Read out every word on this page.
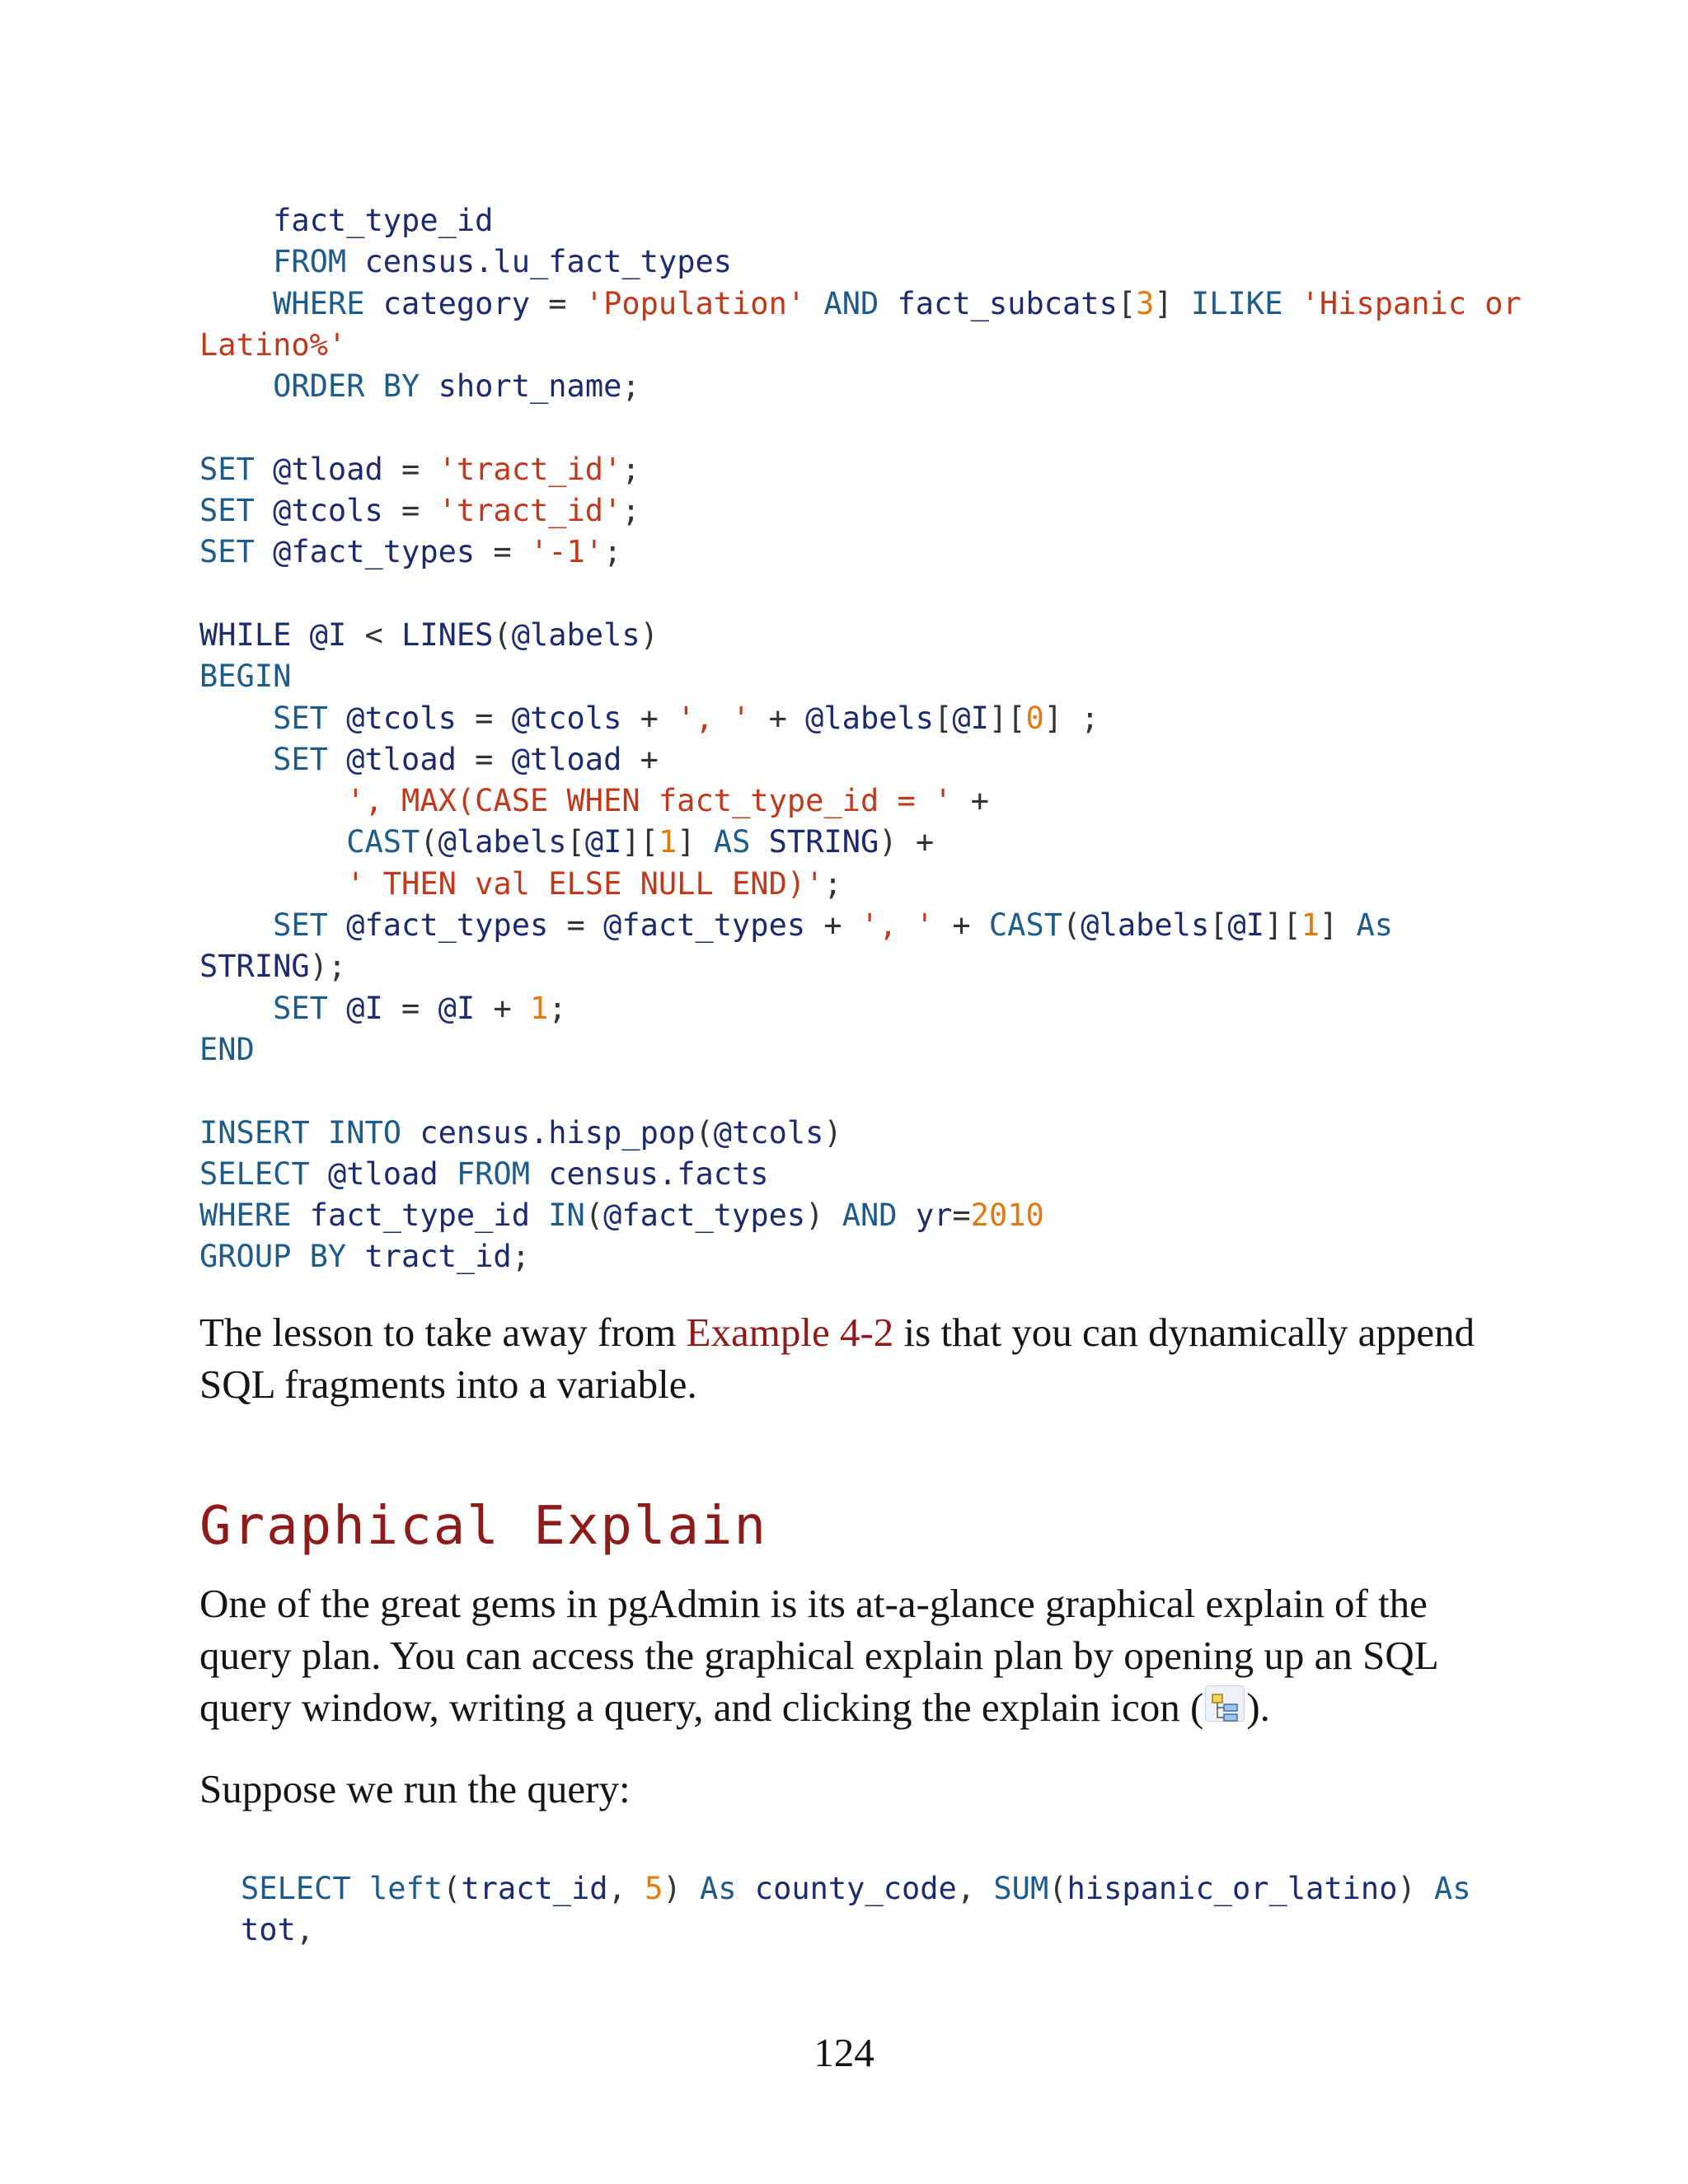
fact_type_id
FROM census.lu_fact_types
WHERE category = 'Population' AND fact_subcats[3] ILIKE 'Hispanic or
Latino%'
ORDER BY short_name;
SET @tload = 'tract_id';
SET @tcols = 'tract_id';
SET @fact_types = '-1';
WHILE @I < LINES(@labels)
BEGIN
SET @tcols = @tcols + ', ' + @labels[@I][0] ;
SET @tload = @tload +
', MAX(CASE WHEN fact_type_id = ' +
CAST(@labels[@I][1] AS STRING) +
' THEN val ELSE NULL END)';
SET @fact_types = @fact_types + ', ' + CAST(@labels[@I][1] As
STRING);
SET @I = @I + 1;
END
INSERT INTO census.hisp_pop(@tcols)
SELECT @tload FROM census.facts
WHERE fact_type_id IN(@fact_types) AND yr=2010
GROUP BY tract_id;

The lesson to take away from Example 4-2 is that you can dynamically append SQL fragments into a variable.

Graphical Explain

One of the great gems in pgAdmin is its at-a-glance graphical explain of the query plan. You can access the graphical explain plan by opening up an SQL query window, writing a query, and clicking the explain icon ( ).

Suppose we run the query:

SELECT left(tract_id, 5) As county_code, SUM(hispanic_or_latino) As
tot,

124
